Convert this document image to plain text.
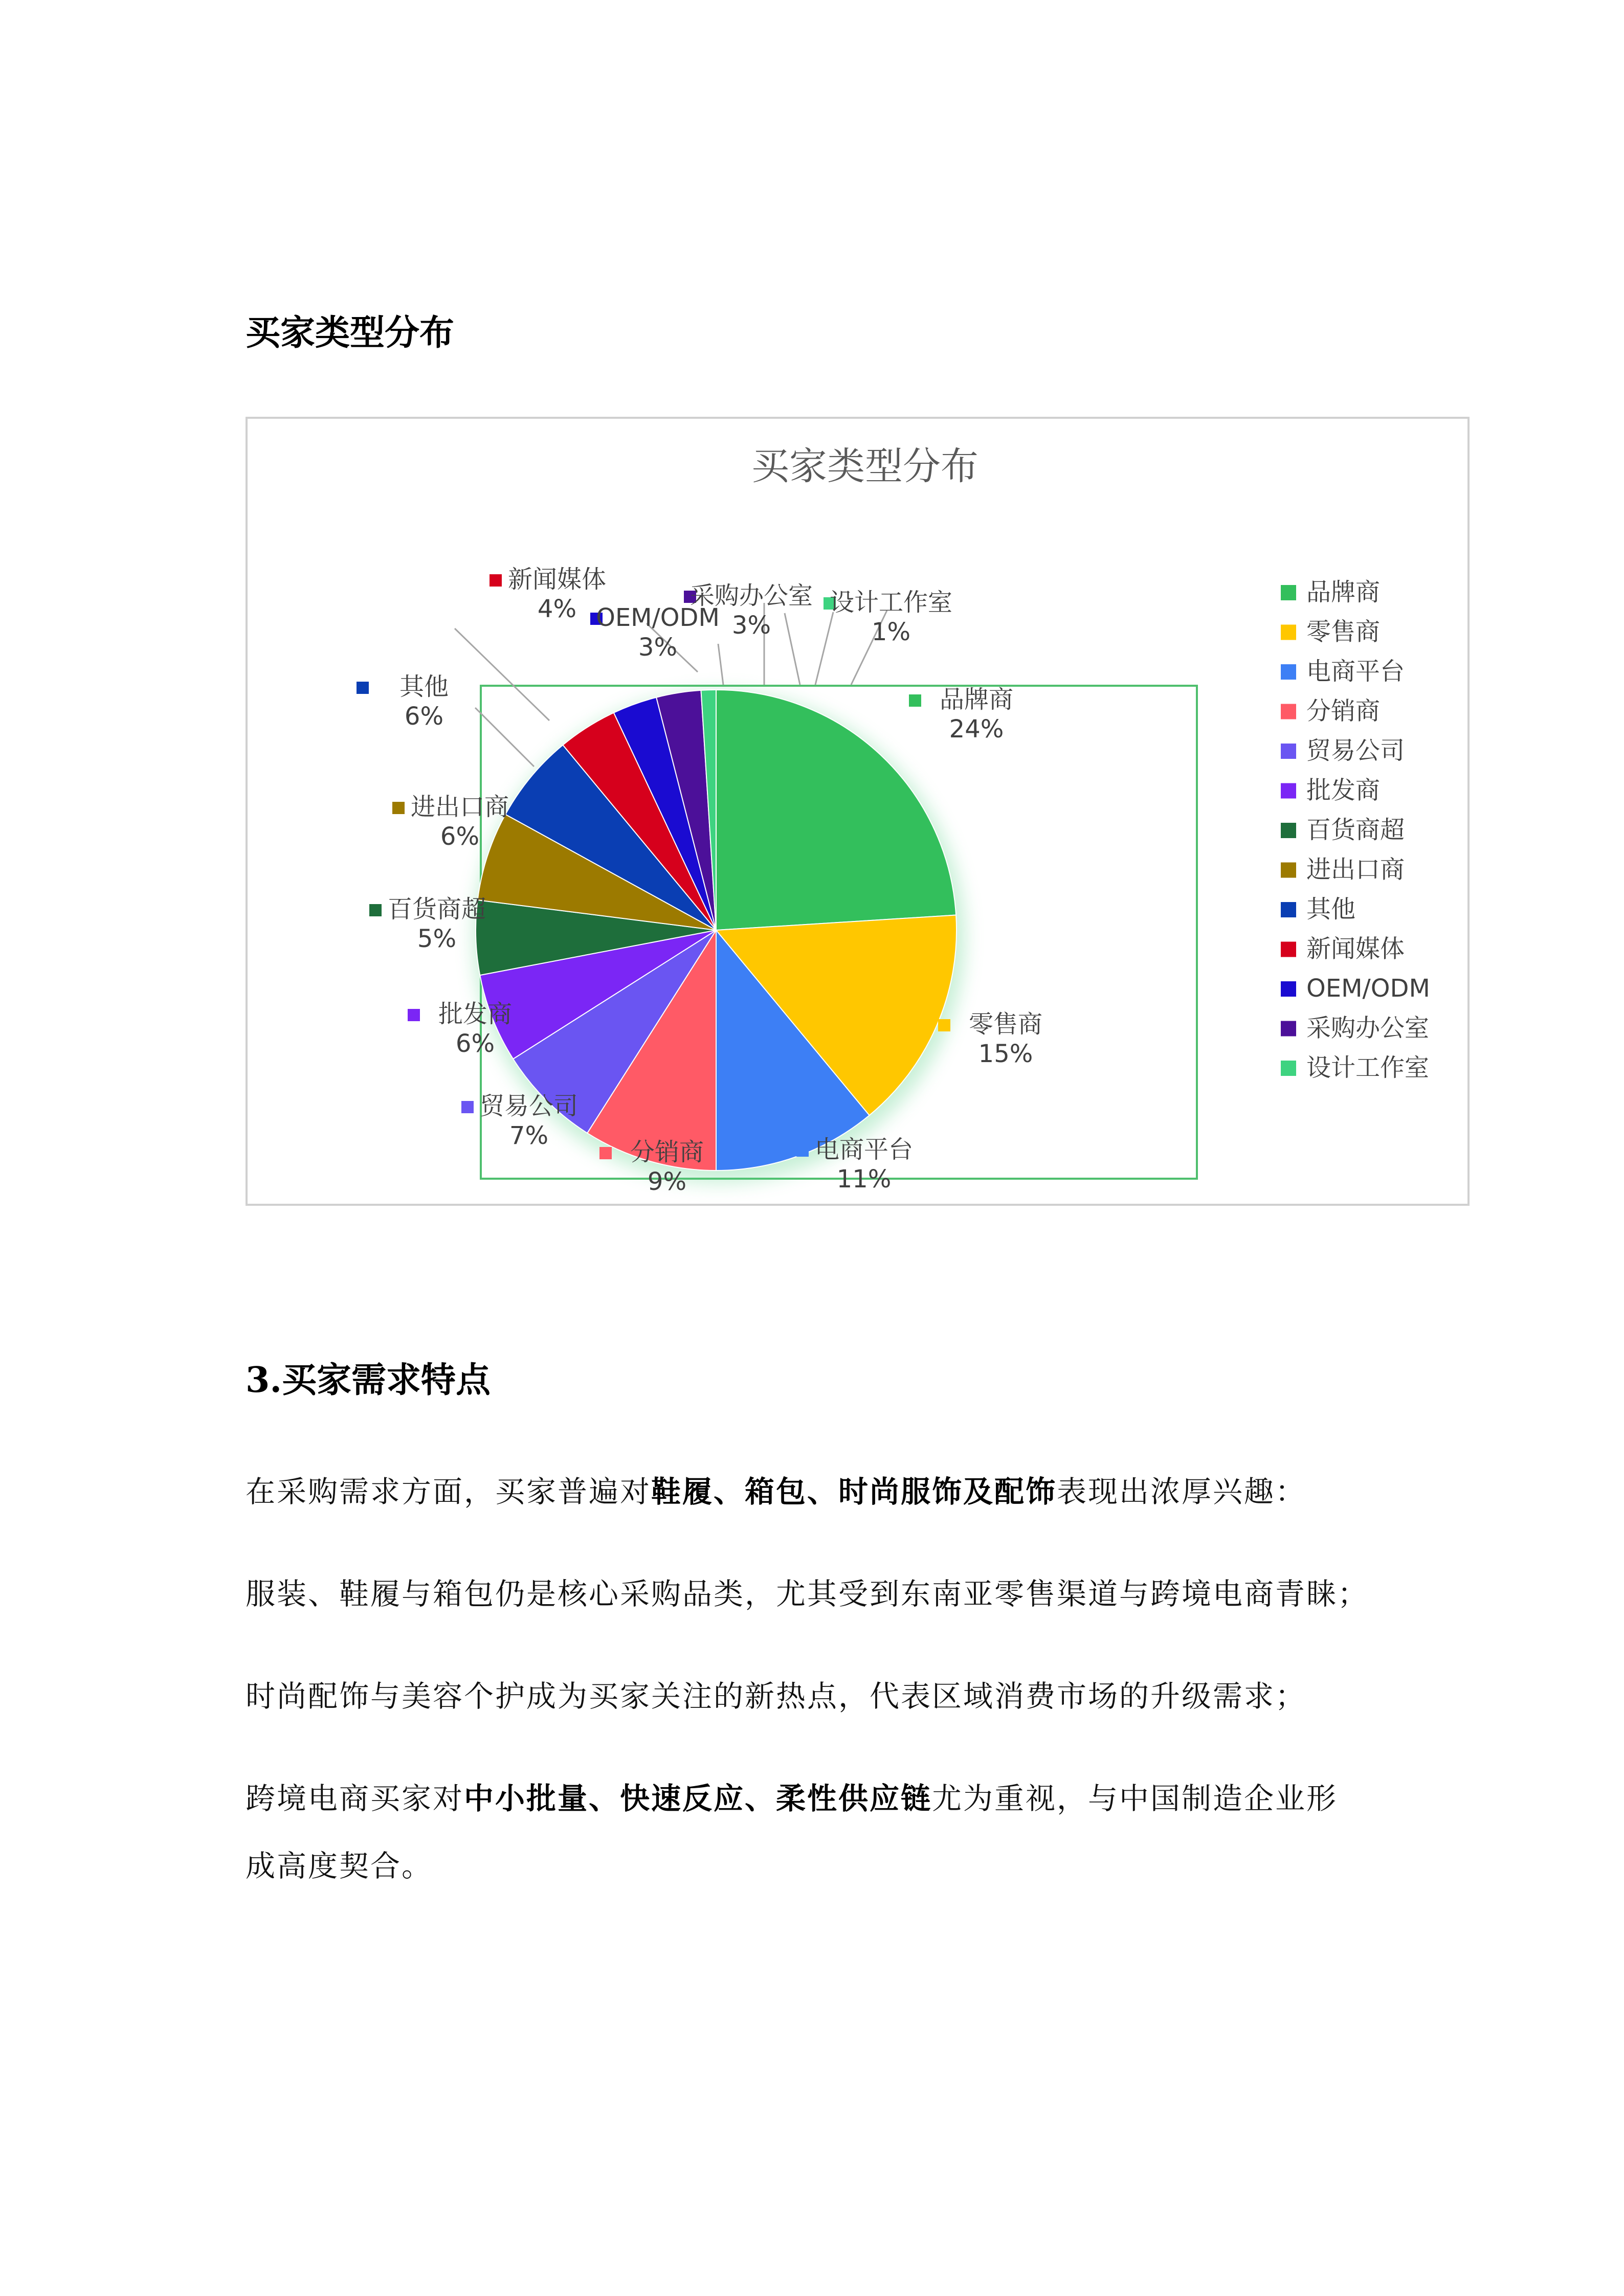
买家类型分布
买家类型分布
品牌商
24%
零售商
15%
电商平台
11%
分销商
9%
贸易公司
7%
批发商
6%
百货商超
5%
进出口商
6%
其他
6%
新闻媒体
4% OEM/ODM
3%
采购办公室
3%
设计工作室
1%
品牌商
零售商
电商平台
分销商
贸易公司
批发商
百货商超
进出口商
其他
新闻媒体
OEM/ODM
采购办公室
设计工作室
3.买家需求特点

在采购需求方面，买家普遍对鞋履、箱包、时尚服饰及配饰表现出浓厚兴趣：

服装、鞋履与箱包仍是核心采购品类，尤其受到东南亚零售渠道与跨境电商青睐；

时尚配饰与美容个护成为买家关注的新热点，代表区域消费市场的升级需求；

跨境电商买家对中小批量、快速反应、柔性供应链尤为重视，与中国制造企业形

成高度契合。
